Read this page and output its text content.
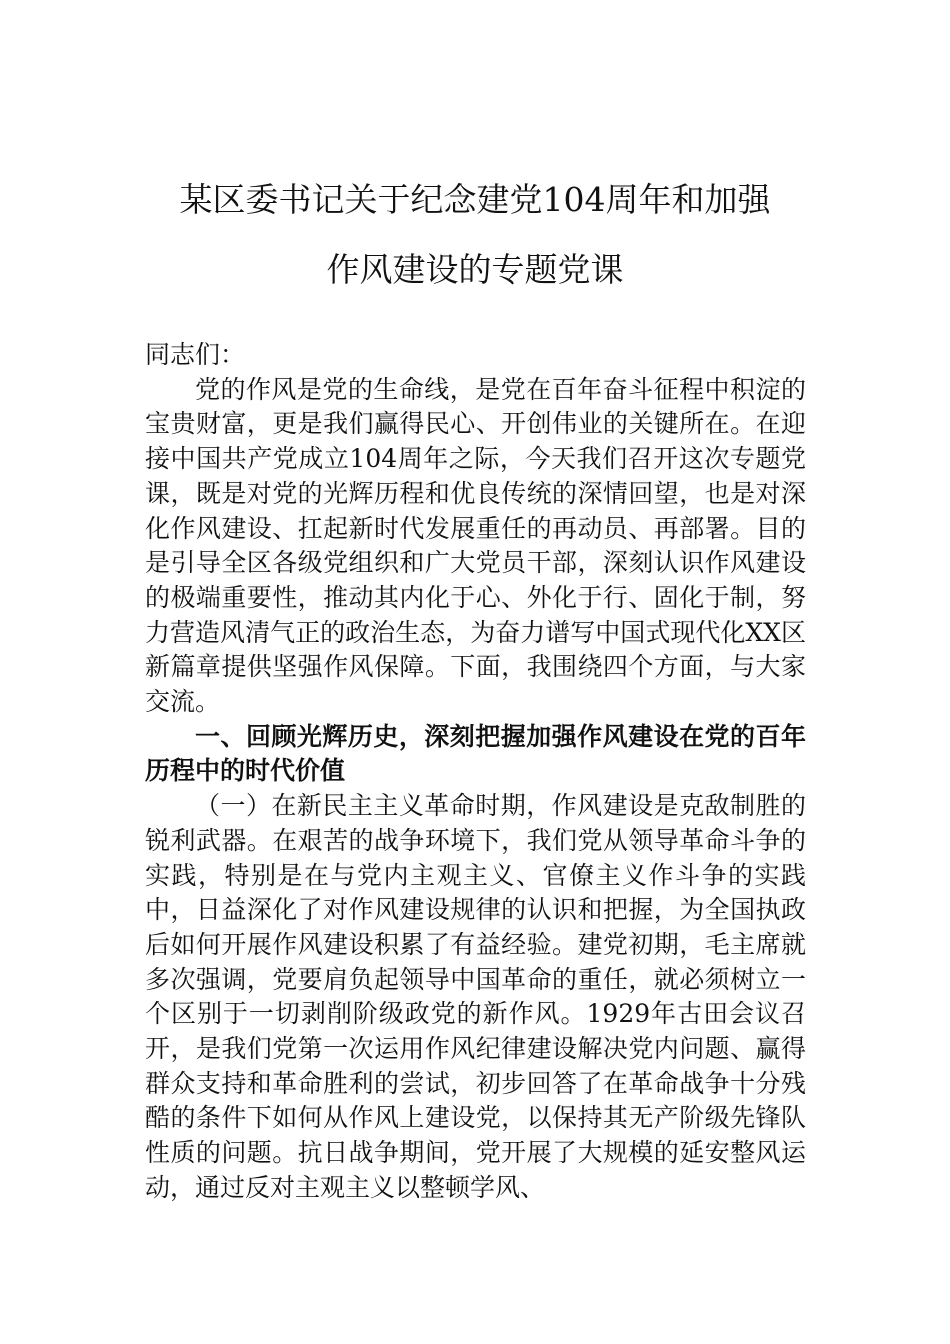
某区委书记关于纪念建党104周年和加强
作风建设的专题党课

同志们：

党的作风是党的生命线，是党在百年奋斗征程中积淀的宝贵财富，更是我们赢得民心、开创伟业的关键所在。在迎接中国共产党成立104周年之际，今天我们召开这次专题党课，既是对党的光辉历程和优良传统的深情回望，也是对深化作风建设、扛起新时代发展重任的再动员、再部署。目的是引导全区各级党组织和广大党员干部，深刻认识作风建设的极端重要性，推动其内化于心、外化于行、固化于制，努力营造风清气正的政治生态，为奋力谱写中国式现代化XX区新篇章提供坚强作风保障。下面，我围绕四个方面，与大家交流。

一、回顾光辉历史，深刻把握加强作风建设在党的百年历程中的时代价值

（一）在新民主主义革命时期，作风建设是克敌制胜的锐利武器。在艰苦的战争环境下，我们党从领导革命斗争的实践，特别是在与党内主观主义、官僚主义作斗争的实践中，日益深化了对作风建设规律的认识和把握，为全国执政后如何开展作风建设积累了有益经验。建党初期，毛主席就多次强调，党要肩负起领导中国革命的重任，就必须树立一个区别于一切剥削阶级政党的新作风。1929年古田会议召开，是我们党第一次运用作风纪律建设解决党内问题、赢得群众支持和革命胜利的尝试，初步回答了在革命战争十分残酷的条件下如何从作风上建设党，以保持其无产阶级先锋队性质的问题。抗日战争期间，党开展了大规模的延安整风运动，通过反对主观主义以整顿学风、
